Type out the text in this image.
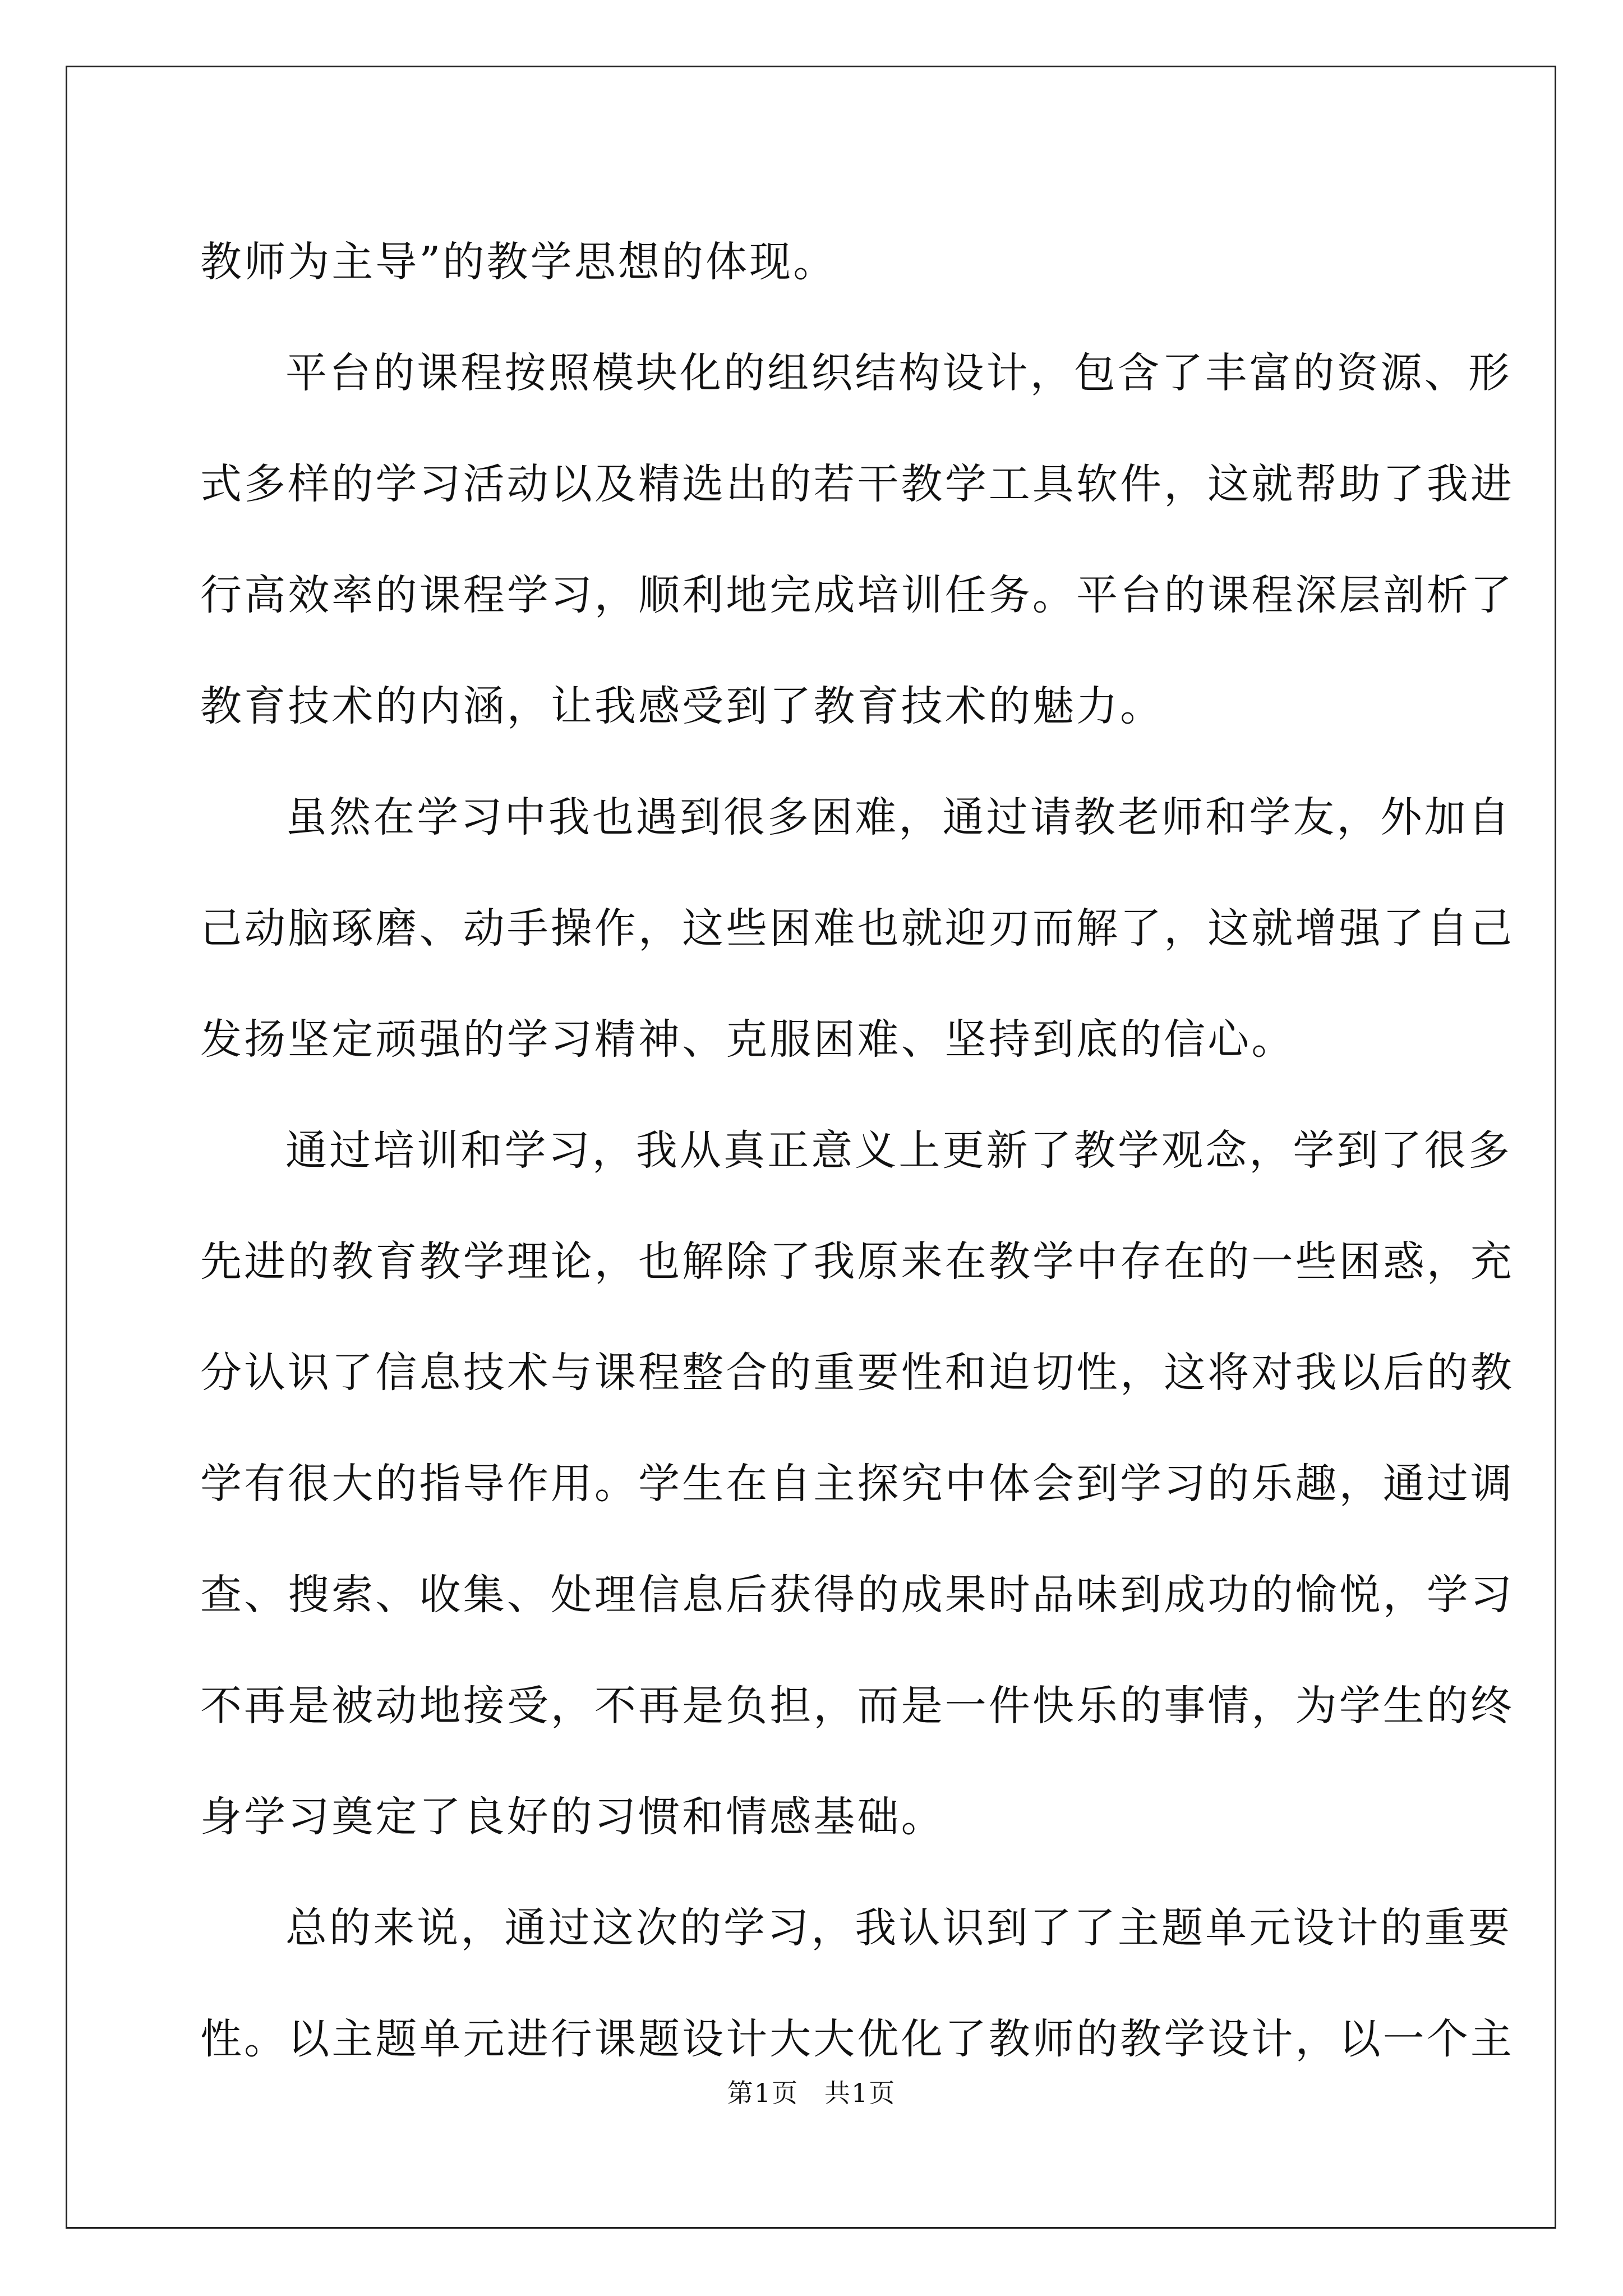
教师为主导”的教学思想的体现。
平台的课程按照模块化的组织结构设计，包含了丰富的资源、形
式多样的学习活动以及精选出的若干教学工具软件，这就帮助了我进
行高效率的课程学习，顺利地完成培训任务。平台的课程深层剖析了
教育技术的内涵，让我感受到了教育技术的魅力。
虽然在学习中我也遇到很多困难，通过请教老师和学友，外加自
己动脑琢磨、动手操作，这些困难也就迎刃而解了，这就增强了自己
发扬坚定顽强的学习精神、克服困难、坚持到底的信心。
通过培训和学习，我从真正意义上更新了教学观念，学到了很多
先进的教育教学理论，也解除了我原来在教学中存在的一些困惑，充
分认识了信息技术与课程整合的重要性和迫切性，这将对我以后的教
学有很大的指导作用。学生在自主探究中体会到学习的乐趣，通过调
查、搜索、收集、处理信息后获得的成果时品味到成功的愉悦，学习
不再是被动地接受，不再是负担，而是一件快乐的事情，为学生的终
身学习奠定了良好的习惯和情感基础。
总的来说，通过这次的学习，我认识到了了主题单元设计的重要
性。以主题单元进行课题设计大大优化了教师的教学设计，以一个主
第1页 共1页
